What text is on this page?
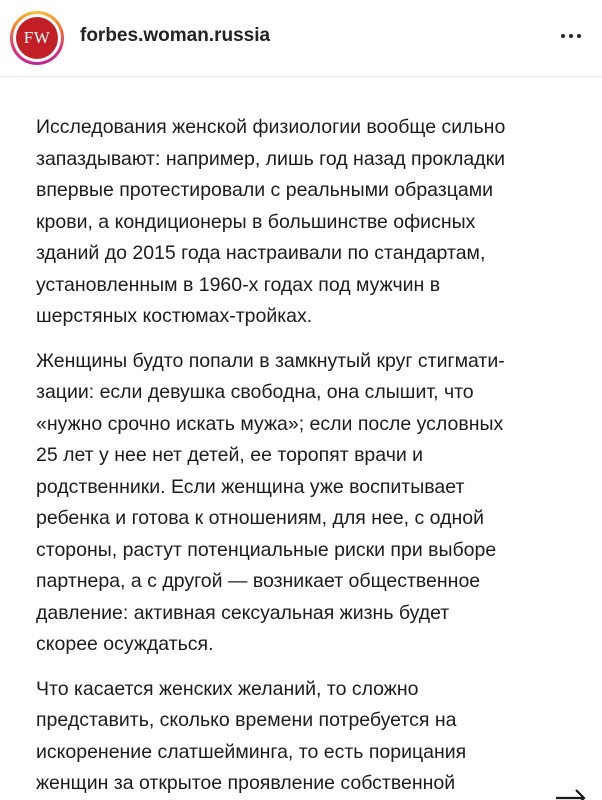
FW	forbes.woman.russia

Исследования женской физиологии вообще сильно
запаздывают: например, лишь год назад прокладки
впервые протестировали с реальными образцами
крови, а кондиционеры в большинстве офисных
зданий до 2015 года настраивали по стандартам,
установленным в 1960-х годах под мужчин в
шерстяных костюмах-тройках.

Женщины будто попали в замкнутый круг стигмати-
зации: если девушка свободна, она слышит, что
«нужно срочно искать мужа»; если после условных
25 лет у нее нет детей, ее торопят врачи и
родственники. Если женщина уже воспитывает
ребенка и готова к отношениям, для нее, с одной
стороны, растут потенциальные риски при выборе
партнера, а с другой — возникает общественное
давление: активная сексуальная жизнь будет
скорее осуждаться.

Что касается женских желаний, то сложно
представить, сколько времени потребуется на
искоренение слатшейминга, то есть порицания
женщин за открытое проявление собственной
